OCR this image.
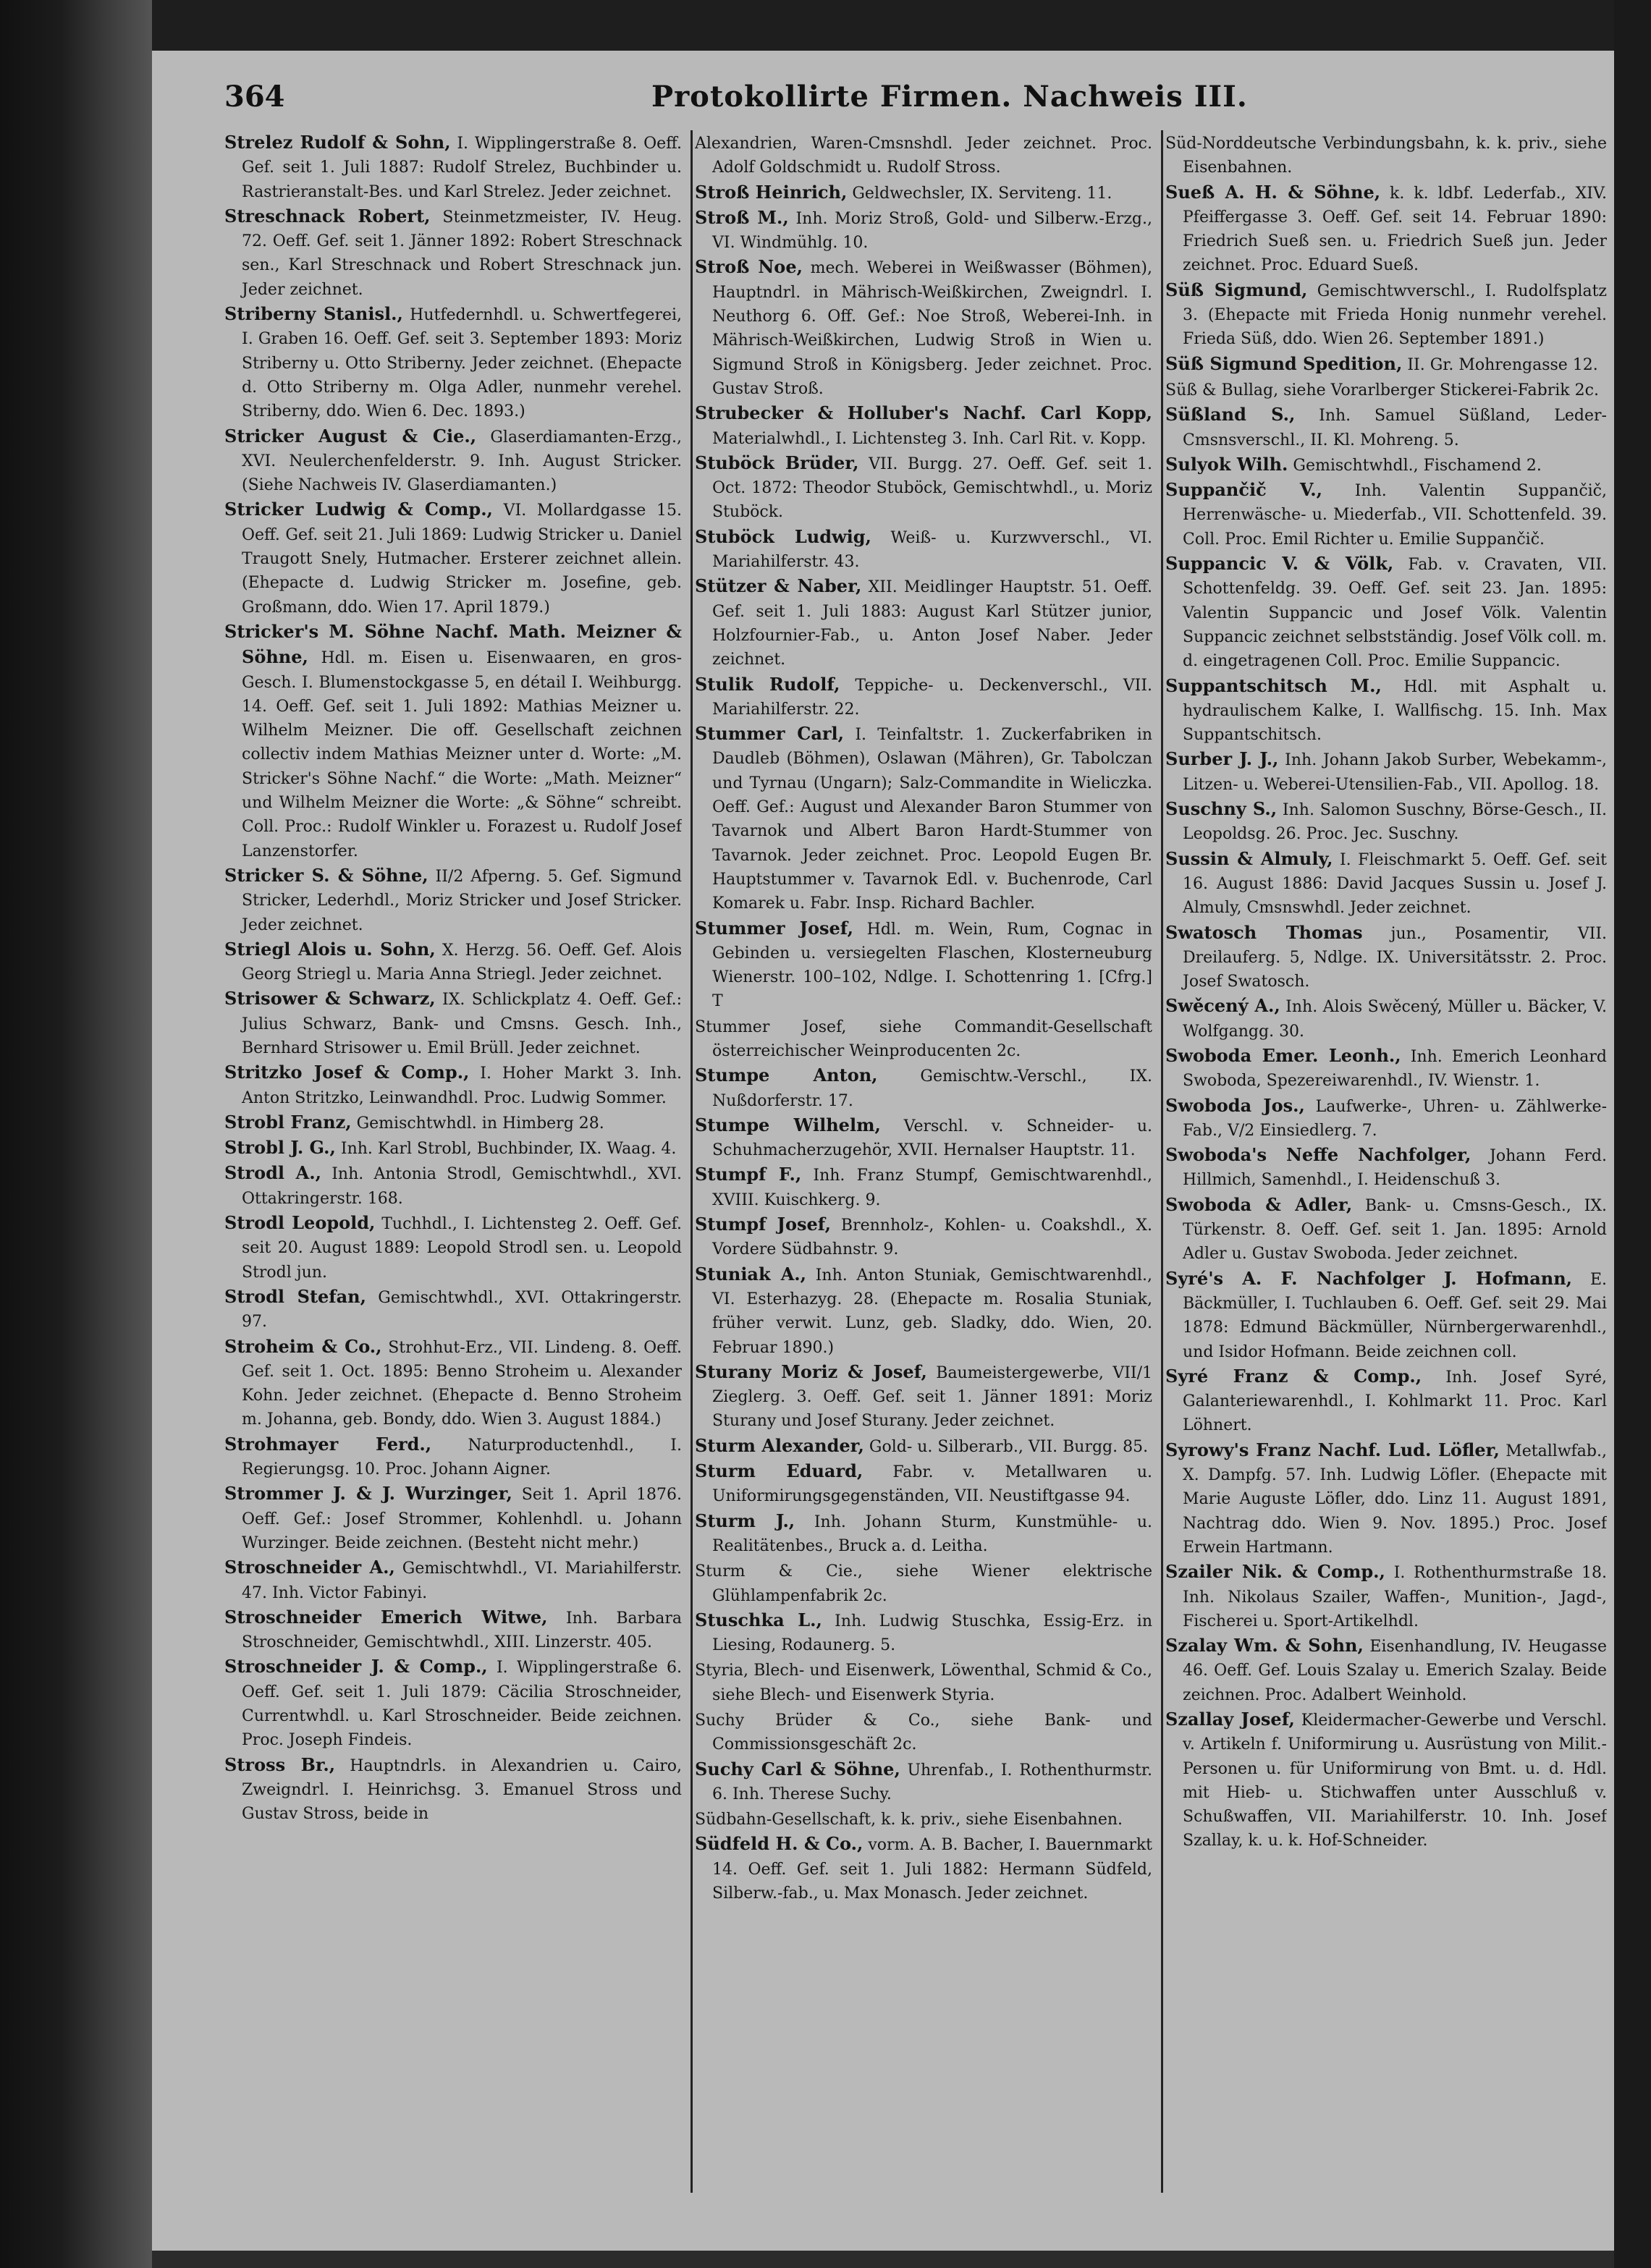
364	Protokollirte Firmen. Nachweis III.

Strelez Rudolf & Sohn, I. Wipplingerstraße 8. Oeff. Gef. seit 1. Juli 1887: Rudolf Strelez, Buchbinder u. Rastrieranstalt-Bes. und Karl Strelez. Jeder zeichnet.

Streschnack Robert, Steinmetzmeister, IV. Heug. 72. Oeff. Gef. seit 1. Jänner 1892: Robert Streschnack sen., Karl Streschnack und Robert Streschnack jun. Jeder zeichnet.

Striberny Stanisl., Hutfedernhdl. u. Schwertfegerei, I. Graben 16. Oeff. Gef. seit 3. September 1893: Moriz Striberny u. Otto Striberny. Jeder zeichnet. (Ehepacte d. Otto Striberny m. Olga Adler, nunmehr verehel. Striberny, ddo. Wien 6. Dec. 1893.)

Stricker August & Cie., Glaserdiamanten-Erzg., XVI. Neulerchenfelderstr. 9. Inh. August Stricker. (Siehe Nachweis IV. Glaserdiamanten.)

Stricker Ludwig & Comp., VI. Mollardgasse 15. Oeff. Gef. seit 21. Juli 1869: Ludwig Stricker u. Daniel Traugott Snely, Hutmacher. Ersterer zeichnet allein. (Ehepacte d. Ludwig Stricker m. Josefine, geb. Großmann, ddo. Wien 17. April 1879.)

Stricker's M. Söhne Nachf. Math. Meizner & Söhne, Hdl. m. Eisen u. Eisenwaaren, en gros-Gesch. I. Blumenstockgasse 5, en détail I. Weihburgg. 14. Oeff. Gef. seit 1. Juli 1892: Mathias Meizner u. Wilhelm Meizner. Die off. Gesellschaft zeichnen collectiv indem Mathias Meizner unter d. Worte: „M. Stricker's Söhne Nachf.“ die Worte: „Math. Meizner“ und Wilhelm Meizner die Worte: „& Söhne“ schreibt. Coll. Proc.: Rudolf Winkler u. Forazest u. Rudolf Josef Lanzenstorfer.

Stricker S. & Söhne, II/2 Afperng. 5. Gef. Sigmund Stricker, Lederhdl., Moriz Stricker und Josef Stricker. Jeder zeichnet.

Striegl Alois u. Sohn, X. Herzg. 56. Oeff. Gef. Alois Georg Striegl u. Maria Anna Striegl. Jeder zeichnet.

Strisower & Schwarz, IX. Schlickplatz 4. Oeff. Gef.: Julius Schwarz, Bank- und Cmsns. Gesch. Inh., Bernhard Strisower u. Emil Brüll. Jeder zeichnet.

Stritzko Josef & Comp., I. Hoher Markt 3. Inh. Anton Stritzko, Leinwandhdl. Proc. Ludwig Sommer.

Strobl Franz, Gemischtwhdl. in Himberg 28.

Strobl J. G., Inh. Karl Strobl, Buchbinder, IX. Waag. 4.

Strodl A., Inh. Antonia Strodl, Gemischtwhdl., XVI. Ottakringerstr. 168.

Strodl Leopold, Tuchhdl., I. Lichtensteg 2. Oeff. Gef. seit 20. August 1889: Leopold Strodl sen. u. Leopold Strodl jun.

Strodl Stefan, Gemischtwhdl., XVI. Ottakringerstr. 97.

Stroheim & Co., Strohhut-Erz., VII. Lindeng. 8. Oeff. Gef. seit 1. Oct. 1895: Benno Stroheim u. Alexander Kohn. Jeder zeichnet. (Ehepacte d. Benno Stroheim m. Johanna, geb. Bondy, ddo. Wien 3. August 1884.)

Strohmayer Ferd., Naturproductenhdl., I. Regierungsg. 10. Proc. Johann Aigner.

Strommer J. & J. Wurzinger, Seit 1. April 1876. Oeff. Gef.: Josef Strommer, Kohlenhdl. u. Johann Wurzinger. Beide zeichnen. (Besteht nicht mehr.)

Stroschneider A., Gemischtwhdl., VI. Mariahilferstr. 47. Inh. Victor Fabinyi.

Stroschneider Emerich Witwe, Inh. Barbara Stroschneider, Gemischtwhdl., XIII. Linzerstr. 405.

Stroschneider J. & Comp., I. Wipplingerstraße 6. Oeff. Gef. seit 1. Juli 1879: Cäcilia Stroschneider, Currentwhdl. u. Karl Stroschneider. Beide zeichnen. Proc. Joseph Findeis.

Stross Br., Hauptndrls. in Alexandrien u. Cairo, Zweigndrl. I. Heinrichsg. 3. Emanuel Stross und Gustav Stross, beide in

Alexandrien, Waren-Cmsnshdl. Jeder zeichnet. Proc. Adolf Goldschmidt u. Rudolf Stross.

Stroß Heinrich, Geldwechsler, IX. Serviteng. 11.

Stroß M., Inh. Moriz Stroß, Gold- und Silberw.-Erzg., VI. Windmühlg. 10.

Stroß Noe, mech. Weberei in Weißwasser (Böhmen), Hauptndrl. in Mährisch-Weißkirchen, Zweigndrl. I. Neuthorg 6. Off. Gef.: Noe Stroß, Weberei-Inh. in Mährisch-Weißkirchen, Ludwig Stroß in Wien u. Sigmund Stroß in Königsberg. Jeder zeichnet. Proc. Gustav Stroß.

Strubecker & Holluber's Nachf. Carl Kopp, Materialwhdl., I. Lichtensteg 3. Inh. Carl Rit. v. Kopp.

Stuböck Brüder, VII. Burgg. 27. Oeff. Gef. seit 1. Oct. 1872: Theodor Stuböck, Gemischtwhdl., u. Moriz Stuböck.

Stuböck Ludwig, Weiß- u. Kurzwverschl., VI. Mariahilferstr. 43.

Stützer & Naber, XII. Meidlinger Hauptstr. 51. Oeff. Gef. seit 1. Juli 1883: August Karl Stützer junior, Holzfournier-Fab., u. Anton Josef Naber. Jeder zeichnet.

Stulik Rudolf, Teppiche- u. Deckenverschl., VII. Mariahilferstr. 22.

Stummer Carl, I. Teinfaltstr. 1. Zuckerfabriken in Daudleb (Böhmen), Oslawan (Mähren), Gr. Tabolczan und Tyrnau (Ungarn); Salz-Commandite in Wieliczka. Oeff. Gef.: August und Alexander Baron Stummer von Tavarnok und Albert Baron Hardt-Stummer von Tavarnok. Jeder zeichnet. Proc. Leopold Eugen Br. Hauptstummer v. Tavarnok Edl. v. Buchenrode, Carl Komarek u. Fabr. Insp. Richard Bachler.

Stummer Josef, Hdl. m. Wein, Rum, Cognac in Gebinden u. versiegelten Flaschen, Klosterneuburg Wienerstr. 100–102, Ndlge. I. Schottenring 1. [Cfrg.] T

Stummer Josef, siehe Commandit-Gesellschaft österreichischer Weinproducenten 2c.

Stumpe Anton, Gemischtw.-Verschl., IX. Nußdorferstr. 17.

Stumpe Wilhelm, Verschl. v. Schneider- u. Schuhmacherzugehör, XVII. Hernalser Hauptstr. 11.

Stumpf F., Inh. Franz Stumpf, Gemischtwarenhdl., XVIII. Kuischkerg. 9.

Stumpf Josef, Brennholz-, Kohlen- u. Coakshdl., X. Vordere Südbahnstr. 9.

Stuniak A., Inh. Anton Stuniak, Gemischtwarenhdl., VI. Esterhazyg. 28. (Ehepacte m. Rosalia Stuniak, früher verwit. Lunz, geb. Sladky, ddo. Wien, 20. Februar 1890.)

Sturany Moriz & Josef, Baumeistergewerbe, VII/1 Zieglerg. 3. Oeff. Gef. seit 1. Jänner 1891: Moriz Sturany und Josef Sturany. Jeder zeichnet.

Sturm Alexander, Gold- u. Silberarb., VII. Burgg. 85.

Sturm Eduard, Fabr. v. Metallwaren u. Uniformirungsgegenständen, VII. Neustiftgasse 94.

Sturm J., Inh. Johann Sturm, Kunstmühle- u. Realitätenbes., Bruck a. d. Leitha.

Sturm & Cie., siehe Wiener elektrische Glühlampenfabrik 2c.

Stuschka L., Inh. Ludwig Stuschka, Essig-Erz. in Liesing, Rodaunerg. 5.

Styria, Blech- und Eisenwerk, Löwenthal, Schmid & Co., siehe Blech- und Eisenwerk Styria.

Suchy Brüder & Co., siehe Bank- und Commissionsgeschäft 2c.

Suchy Carl & Söhne, Uhrenfab., I. Rothenthurmstr. 6. Inh. Therese Suchy.

Südbahn-Gesellschaft, k. k. priv., siehe Eisenbahnen.

Südfeld H. & Co., vorm. A. B. Bacher, I. Bauernmarkt 14. Oeff. Gef. seit 1. Juli 1882: Hermann Südfeld, Silberw.-fab., u. Max Monasch. Jeder zeichnet.

Süd-Norddeutsche Verbindungsbahn, k. k. priv., siehe Eisenbahnen.

Sueß A. H. & Söhne, k. k. ldbf. Lederfab., XIV. Pfeiffergasse 3. Oeff. Gef. seit 14. Februar 1890: Friedrich Sueß sen. u. Friedrich Sueß jun. Jeder zeichnet. Proc. Eduard Sueß.

Süß Sigmund, Gemischtwverschl., I. Rudolfsplatz 3. (Ehepacte mit Frieda Honig nunmehr verehel. Frieda Süß, ddo. Wien 26. September 1891.)

Süß Sigmund Spedition, II. Gr. Mohrengasse 12.

Süß & Bullag, siehe Vorarlberger Stickerei-Fabrik 2c.

Süßland S., Inh. Samuel Süßland, Leder-Cmsnsverschl., II. Kl. Mohreng. 5.

Sulyok Wilh. Gemischtwhdl., Fischamend 2.

Suppančič V., Inh. Valentin Suppančič, Herrenwäsche- u. Miederfab., VII. Schottenfeld. 39. Coll. Proc. Emil Richter u. Emilie Suppančič.

Suppancic V. & Völk, Fab. v. Cravaten, VII. Schottenfeldg. 39. Oeff. Gef. seit 23. Jan. 1895: Valentin Suppancic und Josef Völk. Valentin Suppancic zeichnet selbstständig. Josef Völk coll. m. d. eingetragenen Coll. Proc. Emilie Suppancic.

Suppantschitsch M., Hdl. mit Asphalt u. hydraulischem Kalke, I. Wallfischg. 15. Inh. Max Suppantschitsch.

Surber J. J., Inh. Johann Jakob Surber, Webekamm-, Litzen- u. Weberei-Utensilien-Fab., VII. Apollog. 18.

Suschny S., Inh. Salomon Suschny, Börse-Gesch., II. Leopoldsg. 26. Proc. Jec. Suschny.

Sussin & Almuly, I. Fleischmarkt 5. Oeff. Gef. seit 16. August 1886: David Jacques Sussin u. Josef J. Almuly, Cmsnswhdl. Jeder zeichnet.

Swatosch Thomas jun., Posamentir, VII. Dreilauferg. 5, Ndlge. IX. Universitätsstr. 2. Proc. Josef Swatosch.

Swěcený A., Inh. Alois Swěcený, Müller u. Bäcker, V. Wolfgangg. 30.

Swoboda Emer. Leonh., Inh. Emerich Leonhard Swoboda, Spezereiwarenhdl., IV. Wienstr. 1.

Swoboda Jos., Laufwerke-, Uhren- u. Zählwerke-Fab., V/2 Einsiedlerg. 7.

Swoboda's Neffe Nachfolger, Johann Ferd. Hillmich, Samenhdl., I. Heidenschuß 3.

Swoboda & Adler, Bank- u. Cmsns-Gesch., IX. Türkenstr. 8. Oeff. Gef. seit 1. Jan. 1895: Arnold Adler u. Gustav Swoboda. Jeder zeichnet.

Syré's A. F. Nachfolger J. Hofmann, E. Bäckmüller, I. Tuchlauben 6. Oeff. Gef. seit 29. Mai 1878: Edmund Bäckmüller, Nürnbergerwarenhdl., und Isidor Hofmann. Beide zeichnen coll.

Syré Franz & Comp., Inh. Josef Syré, Galanteriewarenhdl., I. Kohlmarkt 11. Proc. Karl Löhnert.

Syrowy's Franz Nachf. Lud. Löfler, Metallwfab., X. Dampfg. 57. Inh. Ludwig Löfler. (Ehepacte mit Marie Auguste Löfler, ddo. Linz 11. August 1891, Nachtrag ddo. Wien 9. Nov. 1895.) Proc. Josef Erwein Hartmann.

Szailer Nik. & Comp., I. Rothenthurmstraße 18. Inh. Nikolaus Szailer, Waffen-, Munition-, Jagd-, Fischerei u. Sport-Artikelhdl.

Szalay Wm. & Sohn, Eisenhandlung, IV. Heugasse 46. Oeff. Gef. Louis Szalay u. Emerich Szalay. Beide zeichnen. Proc. Adalbert Weinhold.

Szallay Josef, Kleidermacher-Gewerbe und Verschl. v. Artikeln f. Uniformirung u. Ausrüstung von Milit.-Personen u. für Uniformirung von Bmt. u. d. Hdl. mit Hieb- u. Stichwaffen unter Ausschluß v. Schußwaffen, VII. Mariahilferstr. 10. Inh. Josef Szallay, k. u. k. Hof-Schneider.
